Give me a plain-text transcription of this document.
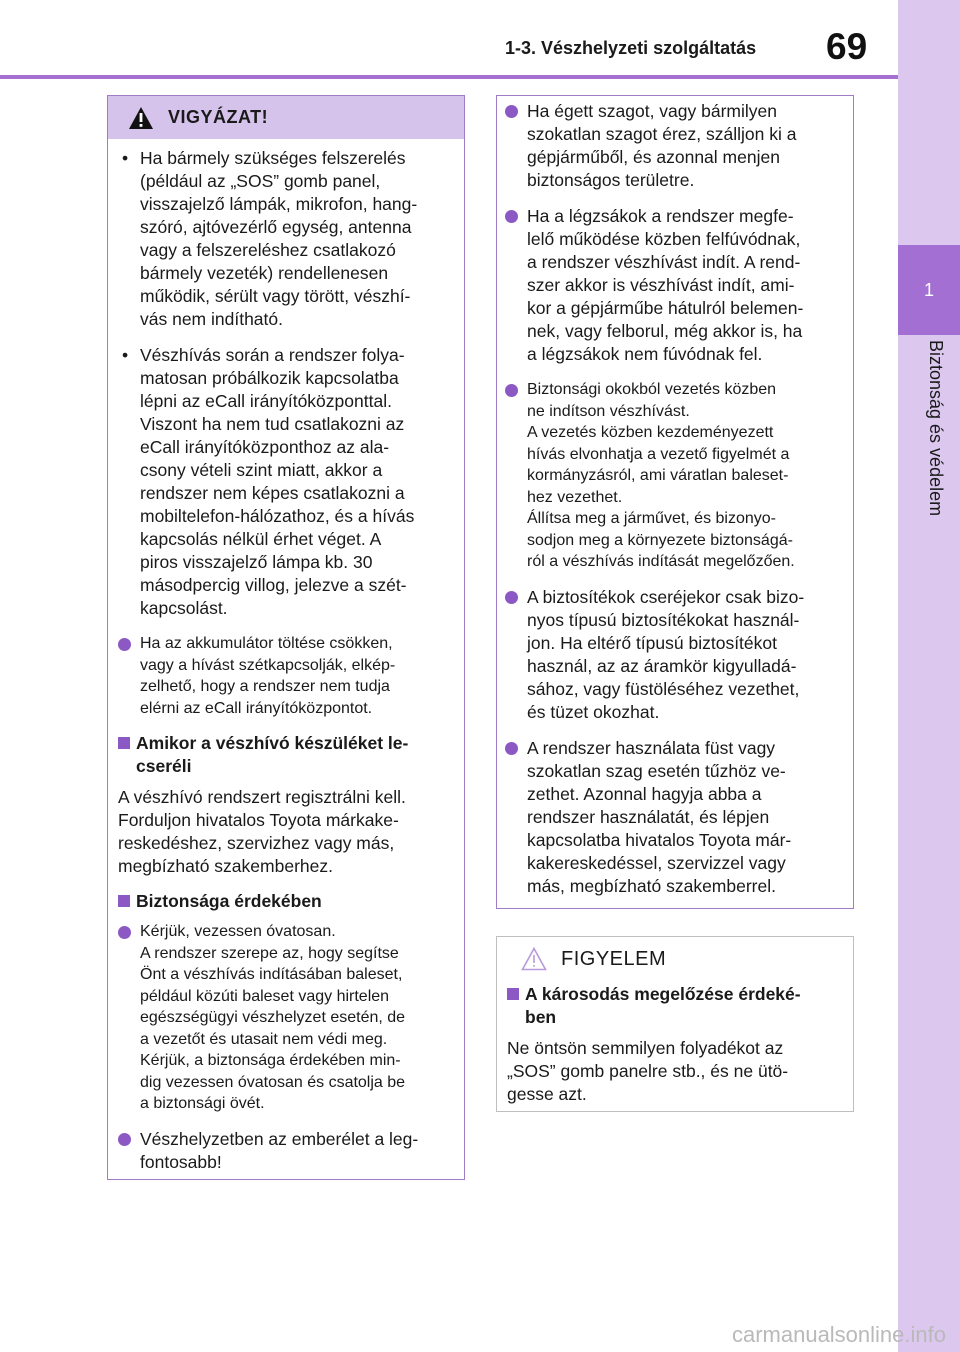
1-3. Vészhelyzeti szolgáltatás 69
1
Biztonság és védelem
VIGYÁZAT!
• Ha bármely szükséges felszerelés
(például az „SOS” gomb panel,
visszajelző lámpák, mikrofon, hang-
szóró, ajtóvezérlő egység, antenna
vagy a felszereléshez csatlakozó
bármely vezeték) rendellenesen
működik, sérült vagy törött, vészhí-
vás nem indítható.
• Vészhívás során a rendszer folya-
matosan próbálkozik kapcsolatba
lépni az eCall irányítóközponttal.
Viszont ha nem tud csatlakozni az
eCall irányítóközponthoz az ala-
csony vételi szint miatt, akkor a
rendszer nem képes csatlakozni a
mobiltelefon-hálózathoz, és a hívás
kapcsolás nélkül érhet véget. A
piros visszajelző lámpa kb. 30
másodpercig villog, jelezve a szét-
kapcsolást.
Ha az akkumulátor töltése csökken,
vagy a hívást szétkapcsolják, elkép-
zelhető, hogy a rendszer nem tudja
elérni az eCall irányítóközpontot.
Amikor a vészhívó készüléket le-
cseréli
A vészhívó rendszert regisztrálni kell.
Forduljon hivatalos Toyota márkake-
reskedéshez, szervizhez vagy más,
megbízható szakemberhez.
Biztonsága érdekében
Kérjük, vezessen óvatosan.
A rendszer szerepe az, hogy segítse
Önt a vészhívás indításában baleset,
például közúti baleset vagy hirtelen
egészségügyi vészhelyzet esetén, de
a vezetőt és utasait nem védi meg.
Kérjük, a biztonsága érdekében min-
dig vezessen óvatosan és csatolja be
a biztonsági övét.
Vészhelyzetben az emberélet a leg-
fontosabb!
Ha égett szagot, vagy bármilyen
szokatlan szagot érez, szálljon ki a
gépjárműből, és azonnal menjen
biztonságos területre.
Ha a légzsákok a rendszer megfe-
lelő működése közben felfúvódnak,
a rendszer vészhívást indít. A rend-
szer akkor is vészhívást indít, ami-
kor a gépjárműbe hátulról belemen-
nek, vagy felborul, még akkor is, ha
a légzsákok nem fúvódnak fel.
Biztonsági okokból vezetés közben
ne indítson vészhívást.
A vezetés közben kezdeményezett
hívás elvonhatja a vezető figyelmét a
kormányzásról, ami váratlan baleset-
hez vezethet.
Állítsa meg a járművet, és bizonyo-
sodjon meg a környezete biztonságá-
ról a vészhívás indítását megelőzően.
A biztosítékok cseréjekor csak bizo-
nyos típusú biztosítékokat használ-
jon. Ha eltérő típusú biztosítékot
használ, az az áramkör kigyulladá-
sához, vagy füstöléséhez vezethet,
és tüzet okozhat.
A rendszer használata füst vagy
szokatlan szag esetén tűzhöz ve-
zethet. Azonnal hagyja abba a
rendszer használatát, és lépjen
kapcsolatba hivatalos Toyota már-
kakereskedéssel, szervizzel vagy
más, megbízható szakemberrel.
FIGYELEM
A károsodás megelőzése érdeké-
ben
Ne öntsön semmilyen folyadékot az
„SOS” gomb panelre stb., és ne ütö-
gesse azt.
carmanualsonline.info
